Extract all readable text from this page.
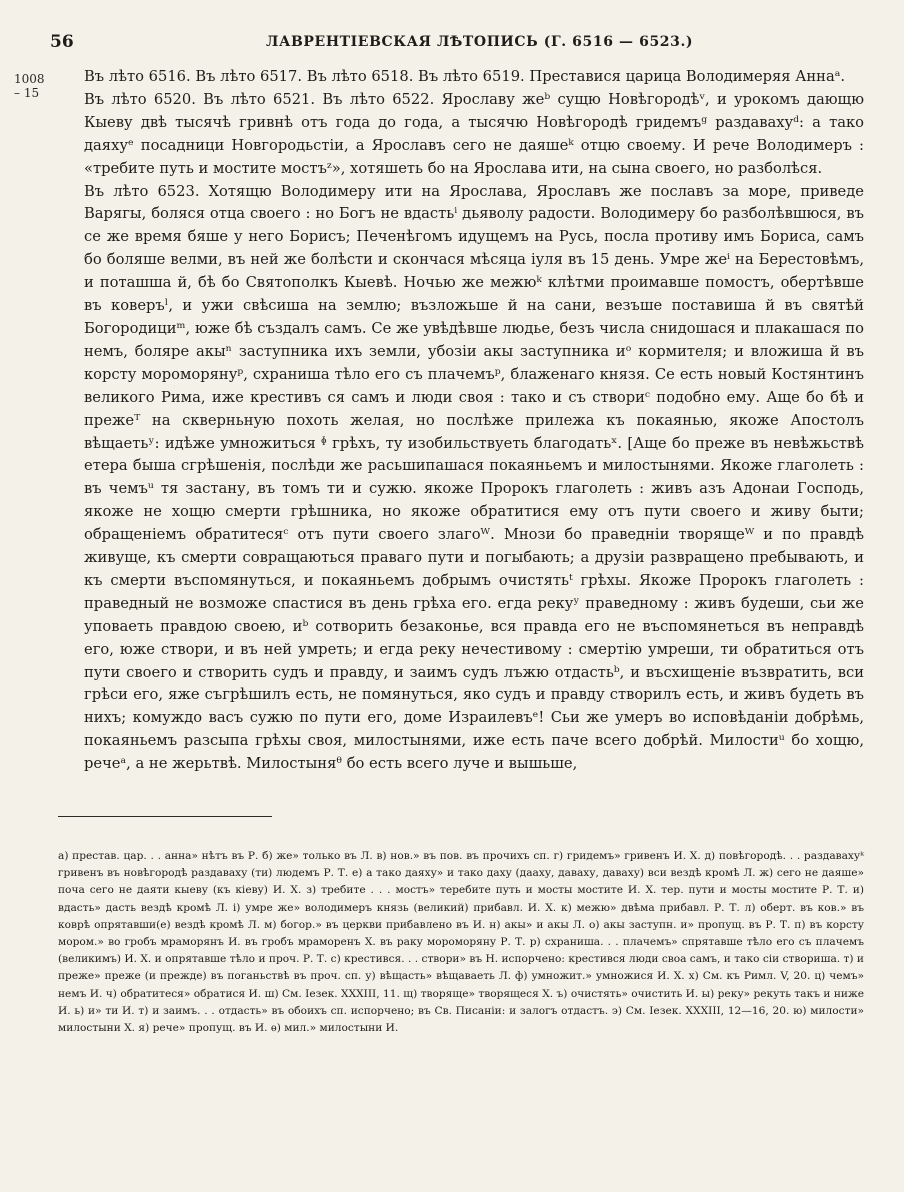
56	ЛАВРЕНТІЕВСКАЯ ЛѢТОПИСЬ (Г. 6516 — 6523.)
1008
– 15

Въ лѣто 6516. Въ лѣто 6517. Въ лѣто 6518. Въ лѣто 6519. Преставися царица Володимеряя Аннаᵃ.

Въ лѣто 6520. Въ лѣто 6521. Въ лѣто 6522. Ярославу жеᵇ сущю Новѣгородѣᵛ, и урокомъ дающю Кыеву двѣ тысячѣ гривнѣ отъ года до года, а тысячю Новѣгородѣ гридемъᵍ раздавахуᵈ: а тако даяхуᵉ посадници Новгородьстіи, а Ярославъ сего не даяшеᵏ отцю своему. И рече Володимеръ : «требите путь и мостите мостъᶻ», хотяшеть бо на Ярослава ити, на сына своего, но разболѣся.

Въ лѣто 6523. Хотящю Володимеру ити на Ярослава, Ярославъ же пославъ за море, приведе Варягы, боляся отца своего : но Богъ не вдастьⁱ дьяволу радости. Володимеру бо разболѣвшюся, въ се же время бяше у него Борисъ; Печенѣгомъ идущемъ на Русь, посла противу имъ Бориса, самъ бо боляше велми, въ ней же болѣсти и скончася мѣсяца іуля въ 15 день. Умре жеⁱ на Берестовѣмъ, и поташша й, бѣ бо Святополкъ Кыевѣ. Ночью же межюᵏ клѣтми проимавше помостъ, обертѣвше въ коверъˡ, и ужи свѣсиша на землю; възложьше й на сани, везъше поставиша й въ святѣй Богородициᵐ, юже бѣ създалъ самъ. Се же увѣдѣвше людье, безъ числа снидошася и плакашася по немъ, боляре акыⁿ заступника ихъ земли, убозіи акы заступника иᵒ кормителя; и вложиша й въ корсту мороморянуᵖ, схраниша тѣло его съ плачемъᵖ, блаженаго князя. Се есть новый Костянтинъ великого Рима, иже крестивъ ся самъ и люди своя : тако и съ створиᶜ подобно ему. Аще бо бѣ и прежеᵀ на скверньную похоть желая, но послѣже прилежа къ покаянью, якоже Апостолъ вѣщаетьʸ: идѣже умножиться ᶲ грѣхъ, ту изобильствуеть благодатьˣ. [Аще бо преже въ невѣжьствѣ етера быша сгрѣшенія, послѣди же расьшипашася покаяньемъ и милостынями. Якоже глаголеть : въ чемъᵘ тя застану, въ томъ ти и сужю. якоже Пророкъ глаголеть : живъ азъ Адонаи Господь, якоже не хощю смерти грѣшника, но якоже обратитися ему отъ пути своего и живу быти; обращеніемъ обратитесяᶜ отъ пути своего злагоᵂ. Мнози бо праведніи творящеᵂ и по правдѣ живуще, къ смерти совращаються праваго пути и погыбають; а друзіи развращено пребывають, и къ смерти въспомянуться, и покаяньемъ добрымъ очистятьᵗ грѣхы. Якоже Пророкъ глаголеть : праведный не возможе спастися въ день грѣха его. егда рекуʸ праведному : живъ будеши, сьи же уповаеть правдою своею, иᵇ сотворить безаконье, вся правда его не въспомянеться въ неправдѣ его, юже створи, и въ ней умреть; и егда реку нечестивому : смертію умреши, ти обратиться отъ пути своего и створить судъ и правду, и заимъ судъ лъжю отдастьᵇ, и въсхищеніе възвратить, вси грѣси его, яже съгрѣшилъ есть, не помянуться, яко судъ и правду створилъ есть, и живъ будеть въ нихъ; комуждо васъ сужю по пути его, доме Израилевъᵉ! Сьи же умеръ во исповѣданіи добрѣмь, покаяньемъ разсыпа грѣхы своя, милостынями, иже есть паче всего добрѣй. Милостиᵘ бо хощю, речеᵃ, а не жерьтвѣ. Милостыняᶿ бо есть всего луче и вышьше,

а) престав. цар. . . анна» нѣтъ въ Р. б) же» только въ Л. в) нов.» въ пов. въ прочихъ сп. г) гридемъ» гривенъ И. Х. д) повѣгородѣ. . . раздавахуᵏ гривенъ въ новѣгородѣ раздаваху (ти) людемъ Р. Т. е) а тако даяху» и тако даху (дааху, даваху, даваху) вси вездѣ кромѣ Л. ж) сего не даяше» поча сего не даяти кыеву (къ кіеву) И. Х. з) требите . . . мостъ» теребите путь и мосты мостите И. Х. тер. пути и мосты мостите Р. Т. и) вдасть» дасть вездѣ кромѣ Л. і) умре же» володимеръ князь (великий) прибавл. И. Х. к) межю» двѣма прибавл. Р. Т. л) оберт. въ ков.» въ коврѣ опрятавши(е) вездѣ кромѣ Л. м) богор.» въ церкви прибавлено въ И. н) акы» и акы Л. о) акы заступн. и» пропущ. въ Р. Т. п) въ корсту мором.» во гробъ мраморянъ И. въ гробъ мраморенъ Х. въ раку мороморяну Р. Т. р) схраниша. . . плачемъ» спрятавше тѣло его съ плачемъ (великимъ) И. Х. и опрятавше тѣло и проч. Р. Т. с) крестився. . . створи» въ Н. испорчено: крестився люди своа самъ, и тако сіи створиша. т) и преже» преже (и прежде) въ поганьствѣ въ проч. сп. у) вѣщасть» вѣщаваеть Л. ф) умножит.» умножися И. Х. х) См. къ Римл. V, 20. ц) чемъ» немъ И. ч) обратитеся» обратися И. ш) См. Iезек. XXXIII, 11. щ) творяще» творящеся Х. ъ) очистять» очистить И. ы) реку» рекуть такъ и ниже И. ь) и» ти И. т) и заимъ. . . отдасть» въ обоихъ сп. испорчено; въ Св. Писаніи: и залогъ отдастъ. э) См. Iезек. XXXIII, 12—16, 20. ю) милости» милостыни Х. я) рече» пропущ. въ И. ѳ) мил.» милостыни И.
